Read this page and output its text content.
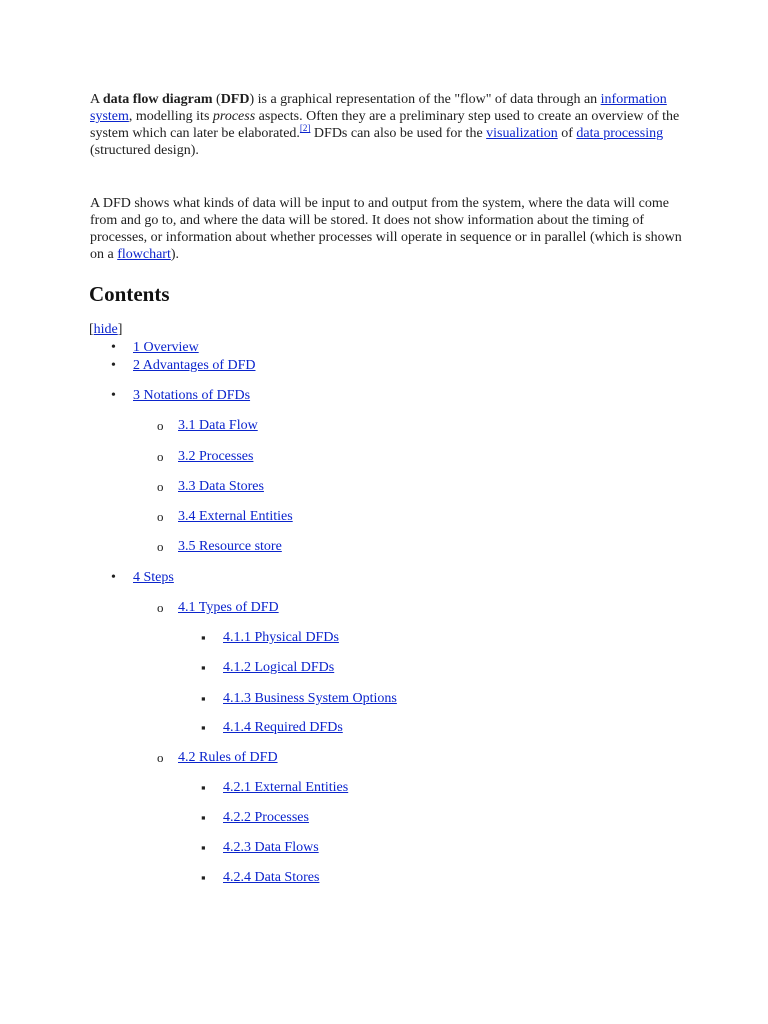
A data flow diagram (DFD) is a graphical representation of the "flow" of data through an information system, modelling its process aspects. Often they are a preliminary step used to create an overview of the system which can later be elaborated.[2] DFDs can also be used for the visualization of data processing (structured design).

A DFD shows what kinds of data will be input to and output from the system, where the data will come from and go to, and where the data will be stored. It does not show information about the timing of processes, or information about whether processes will operate in sequence or in parallel (which is shown on a flowchart).

Contents
[hide]
•
1 Overview
•
2 Advantages of DFD
•
3 Notations of DFDs
o
3.1 Data Flow
o
3.2 Processes
o
3.3 Data Stores
o
3.4 External Entities
o
3.5 Resource store
•
4 Steps
o
4.1 Types of DFD
▪
4.1.1 Physical DFDs
▪
4.1.2 Logical DFDs
▪
4.1.3 Business System Options
▪
4.1.4 Required DFDs
o
4.2 Rules of DFD
▪
4.2.1 External Entities
▪
4.2.2 Processes
▪
4.2.3 Data Flows
▪
4.2.4 Data Stores
